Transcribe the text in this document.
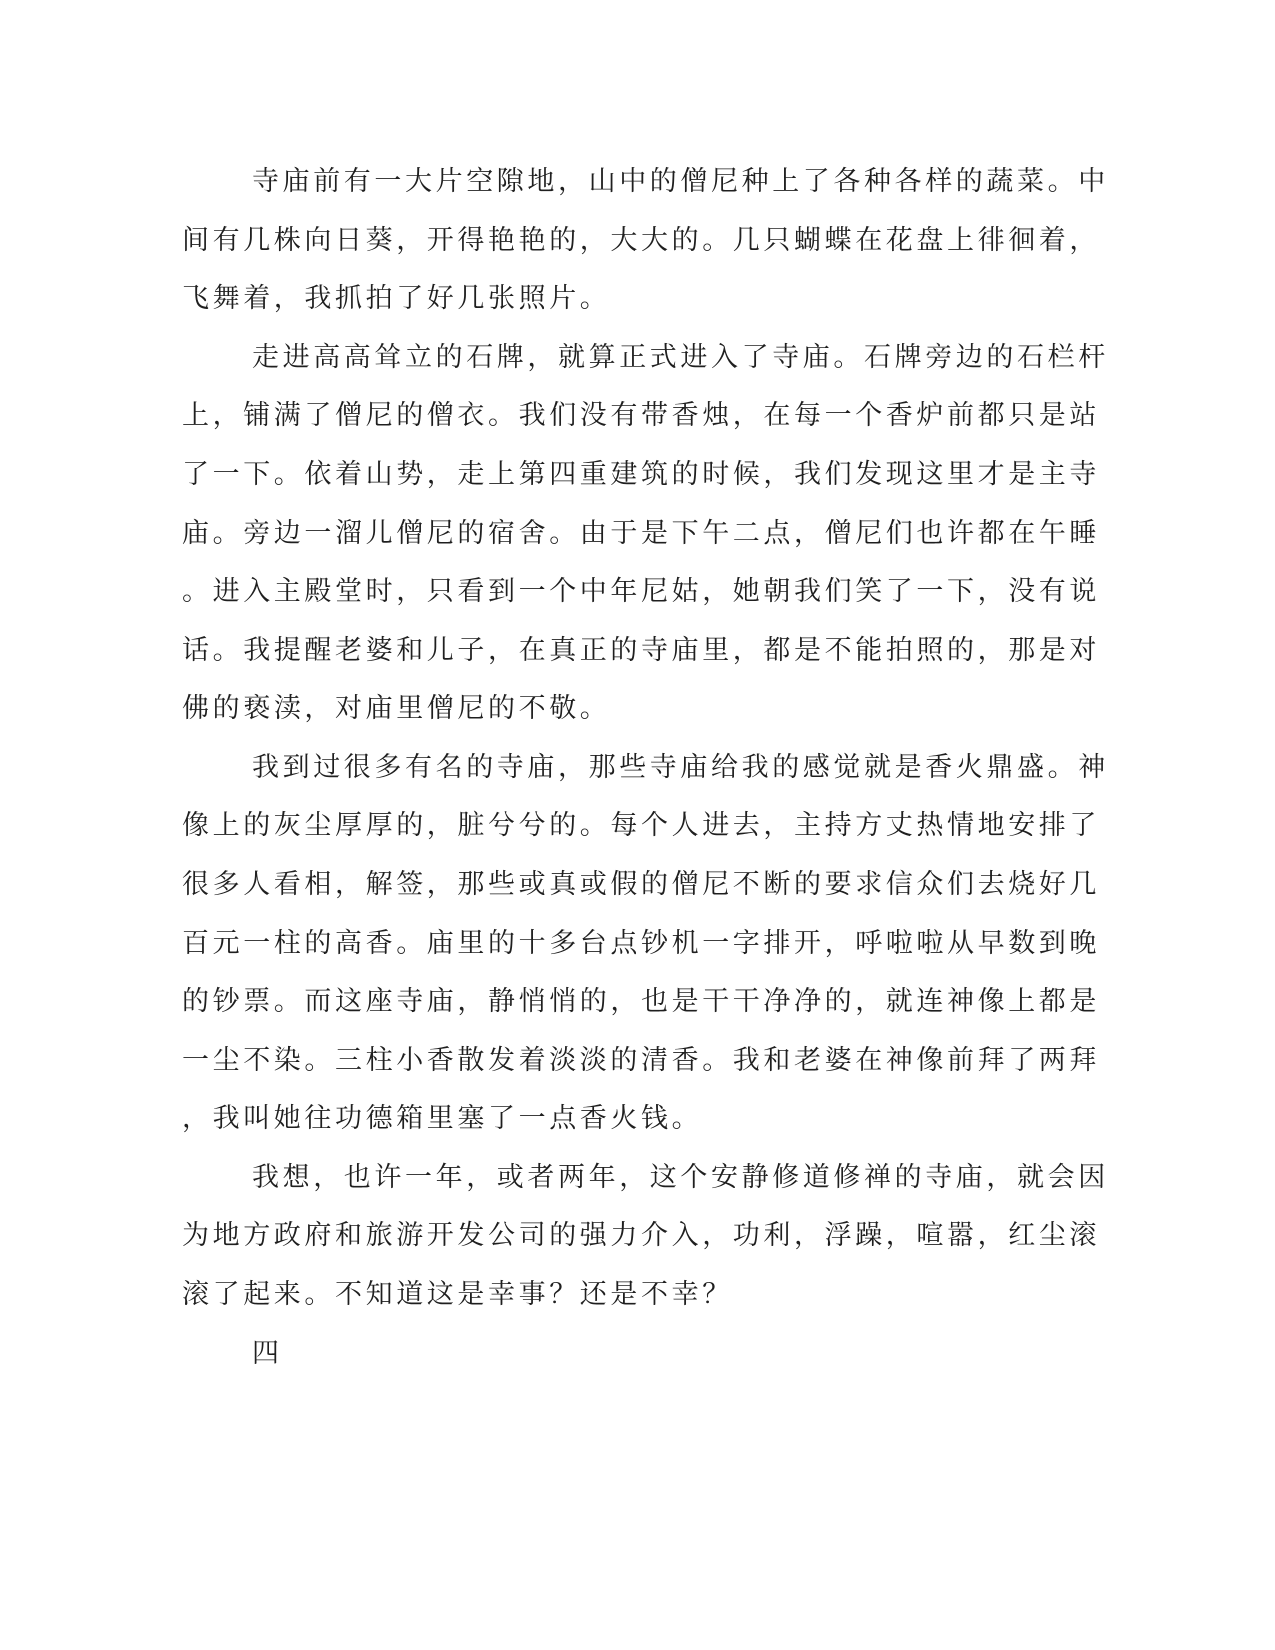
寺庙前有一大片空隙地，山中的僧尼种上了各种各样的蔬菜。中
间有几株向日葵，开得艳艳的，大大的。几只蝴蝶在花盘上徘徊着，
飞舞着，我抓拍了好几张照片。
走进高高耸立的石牌，就算正式进入了寺庙。石牌旁边的石栏杆
上，铺满了僧尼的僧衣。我们没有带香烛，在每一个香炉前都只是站
了一下。依着山势，走上第四重建筑的时候，我们发现这里才是主寺
庙。旁边一溜儿僧尼的宿舍。由于是下午二点，僧尼们也许都在午睡
。进入主殿堂时，只看到一个中年尼姑，她朝我们笑了一下，没有说
话。我提醒老婆和儿子，在真正的寺庙里，都是不能拍照的，那是对
佛的亵渎，对庙里僧尼的不敬。
我到过很多有名的寺庙，那些寺庙给我的感觉就是香火鼎盛。神
像上的灰尘厚厚的，脏兮兮的。每个人进去，主持方丈热情地安排了
很多人看相，解签，那些或真或假的僧尼不断的要求信众们去烧好几
百元一柱的高香。庙里的十多台点钞机一字排开，呼啦啦从早数到晚
的钞票。而这座寺庙，静悄悄的，也是干干净净的，就连神像上都是
一尘不染。三柱小香散发着淡淡的清香。我和老婆在神像前拜了两拜
，我叫她往功德箱里塞了一点香火钱。
我想，也许一年，或者两年，这个安静修道修禅的寺庙，就会因
为地方政府和旅游开发公司的强力介入，功利，浮躁，喧嚣，红尘滚
滚了起来。不知道这是幸事？还是不幸？
四
